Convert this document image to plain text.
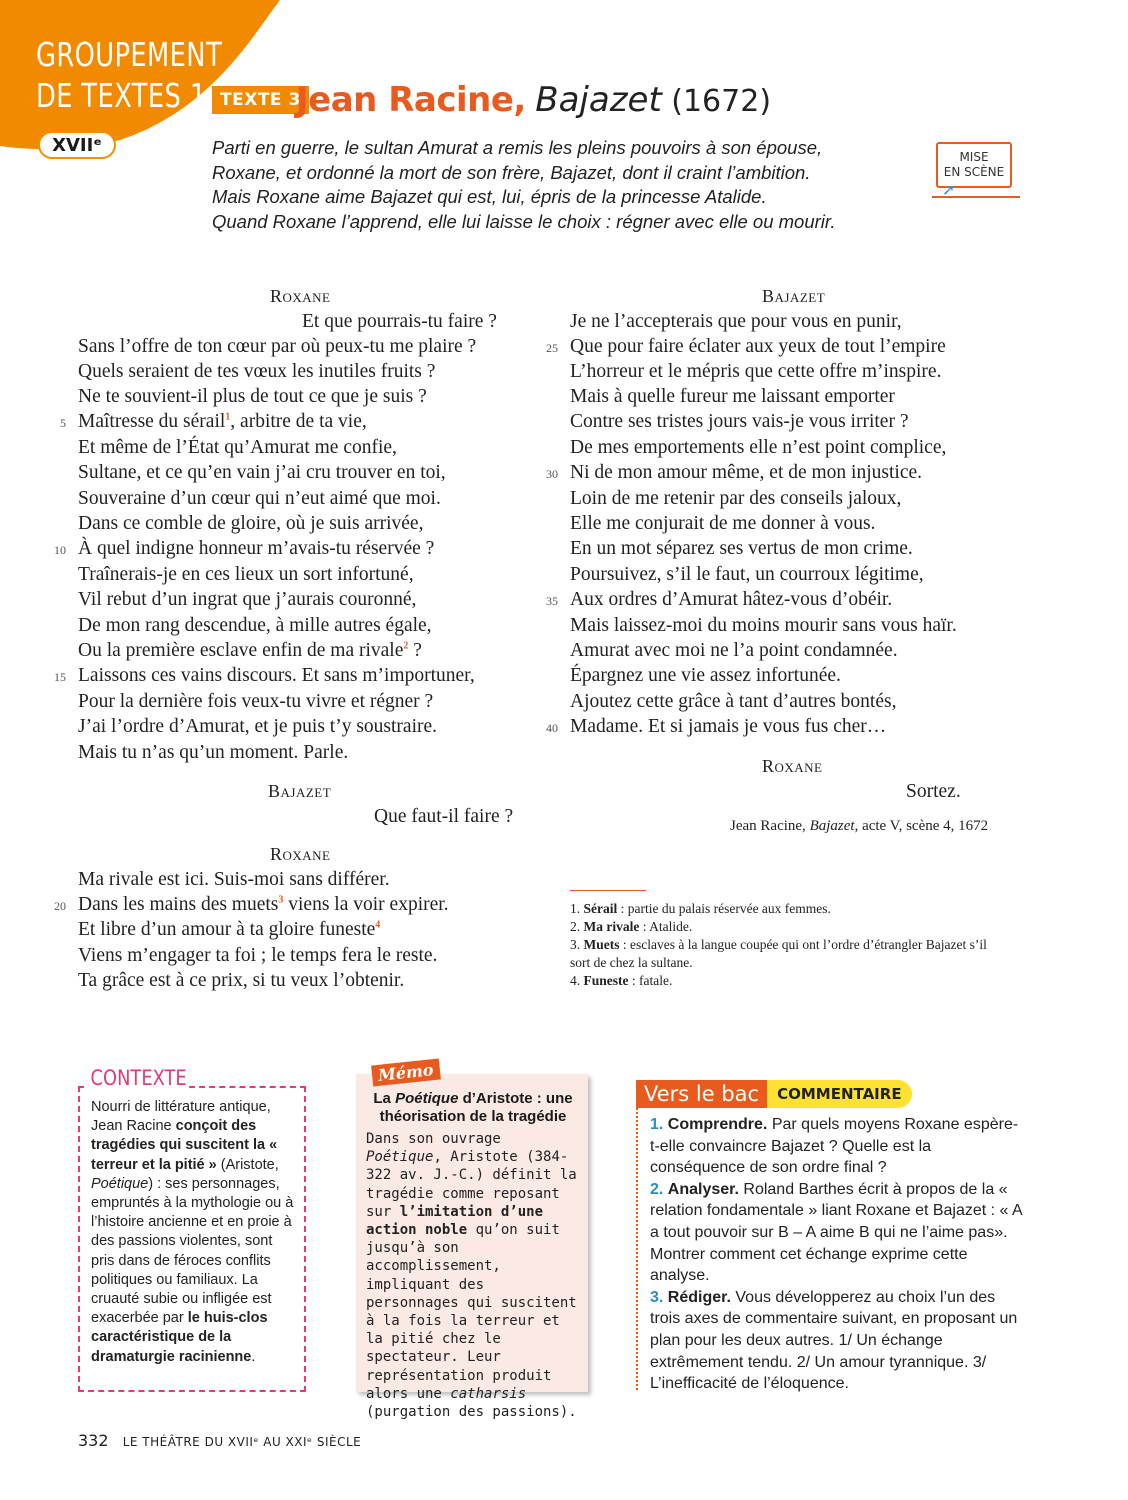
GROUPEMENT
DE TEXTES 1
XVIIᵉ
TEXTE 3
Jean Racine, Bajazet (1672)
Parti en guerre, le sultan Amurat a remis les pleins pouvoirs à son épouse,
Roxane, et ordonné la mort de son frère, Bajazet, dont il craint l’ambition.
Mais Roxane aime Bajazet qui est, lui, épris de la princesse Atalide.
Quand Roxane l’apprend, elle lui laisse le choix : régner avec elle ou mourir.
MISE
EN SCÈNE
➚
Roxane
Et que pourrais-tu faire ?
Sans l’offre de ton cœur par où peux-tu me plaire ?
Quels seraient de tes vœux les inutiles fruits ?
Ne te souvient-il plus de tout ce que je suis ?
5 Maîtresse du sérail$^1$, arbitre de ta vie,
Et même de l’État qu’Amurat me confie,
Sultane, et ce qu’en vain j’ai cru trouver en toi,
Souveraine d’un cœur qui n’eut aimé que moi.
Dans ce comble de gloire, où je suis arrivée,
10 À quel indigne honneur m’avais-tu réservée ?
Traînerais-je en ces lieux un sort infortuné,
Vil rebut d’un ingrat que j’aurais couronné,
De mon rang descendue, à mille autres égale,
Ou la première esclave enfin de ma rivale$^2$ ?
15 Laissons ces vains discours. Et sans m’importuner,
Pour la dernière fois veux-tu vivre et régner ?
J’ai l’ordre d’Amurat, et je puis t’y soustraire.
Mais tu n’as qu’un moment. Parle.
Bajazet
Que faut-il faire ?
Roxane
Ma rivale est ici. Suis-moi sans différer.
20 Dans les mains des muets$^3$ viens la voir expirer.
Et libre d’un amour à ta gloire funeste$^4$
Viens m’engager ta foi ; le temps fera le reste.
Ta grâce est à ce prix, si tu veux l’obtenir.
Bajazet
Je ne l’accepterais que pour vous en punir,
25 Que pour faire éclater aux yeux de tout l’empire
L’horreur et le mépris que cette offre m’inspire.
Mais à quelle fureur me laissant emporter
Contre ses tristes jours vais-je vous irriter ?
De mes emportements elle n’est point complice,
30 Ni de mon amour même, et de mon injustice.
Loin de me retenir par des conseils jaloux,
Elle me conjurait de me donner à vous.
En un mot séparez ses vertus de mon crime.
Poursuivez, s’il le faut, un courroux légitime,
35 Aux ordres d’Amurat hâtez-vous d’obéir.
Mais laissez-moi du moins mourir sans vous haïr.
Amurat avec moi ne l’a point condamnée.
Épargnez une vie assez infortunée.
Ajoutez cette grâce à tant d’autres bontés,
40 Madame. Et si jamais je vous fus cher…
Roxane
Sortez.
Jean Racine, Bajazet, acte V, scène 4, 1672
1. Sérail : partie du palais réservée aux femmes.
2. Ma rivale : Atalide.
3. Muets : esclaves à la langue coupée qui ont l’ordre d’étrangler Bajazet s’il sort de chez la sultane.
4. Funeste : fatale.
CONTEXTE
Nourri de littérature antique, Jean Racine conçoit des tragédies qui suscitent la « terreur et la pitié » (Aristote, Poétique) : ses personnages, empruntés à la mythologie ou à l’histoire ancienne et en proie à des passions violentes, sont pris dans de féroces conflits politiques ou familiaux. La cruauté subie ou infligée est exacerbée par le huis-clos caractéristique de la dramaturgie racinienne.
Mémo
La Poétique d’Aristote : une théorisation de la tragédie
Dans son ouvrage Poétique, Aristote (384-322 av. J.-C.) définit la tragédie comme reposant sur l’imitation d’une action noble qu’on suit jusqu’à son accomplissement, impliquant des personnages qui suscitent à la fois la terreur et la pitié chez le spectateur. Leur représentation produit alors une catharsis (purgation des passions).
Vers le bac	COMMENTAIRE
1. Comprendre. Par quels moyens Roxane espère-t-elle convaincre Bajazet ? Quelle est la conséquence de son ordre final ?
2. Analyser. Roland Barthes écrit à propos de la « relation fondamentale » liant Roxane et Bajazet : « A a tout pouvoir sur B – A aime B qui ne l’aime pas». Montrer comment cet échange exprime cette analyse.
3. Rédiger. Vous développerez au choix l’un des trois axes de commentaire suivant, en proposant un plan pour les deux autres. 1/ Un échange extrêmement tendu. 2/ Un amour tyrannique. 3/ L’inefficacité de l’éloquence.
332 LE THÉÂTRE DU XVIIᵉ AU XXIᵉ SIÈCLE
